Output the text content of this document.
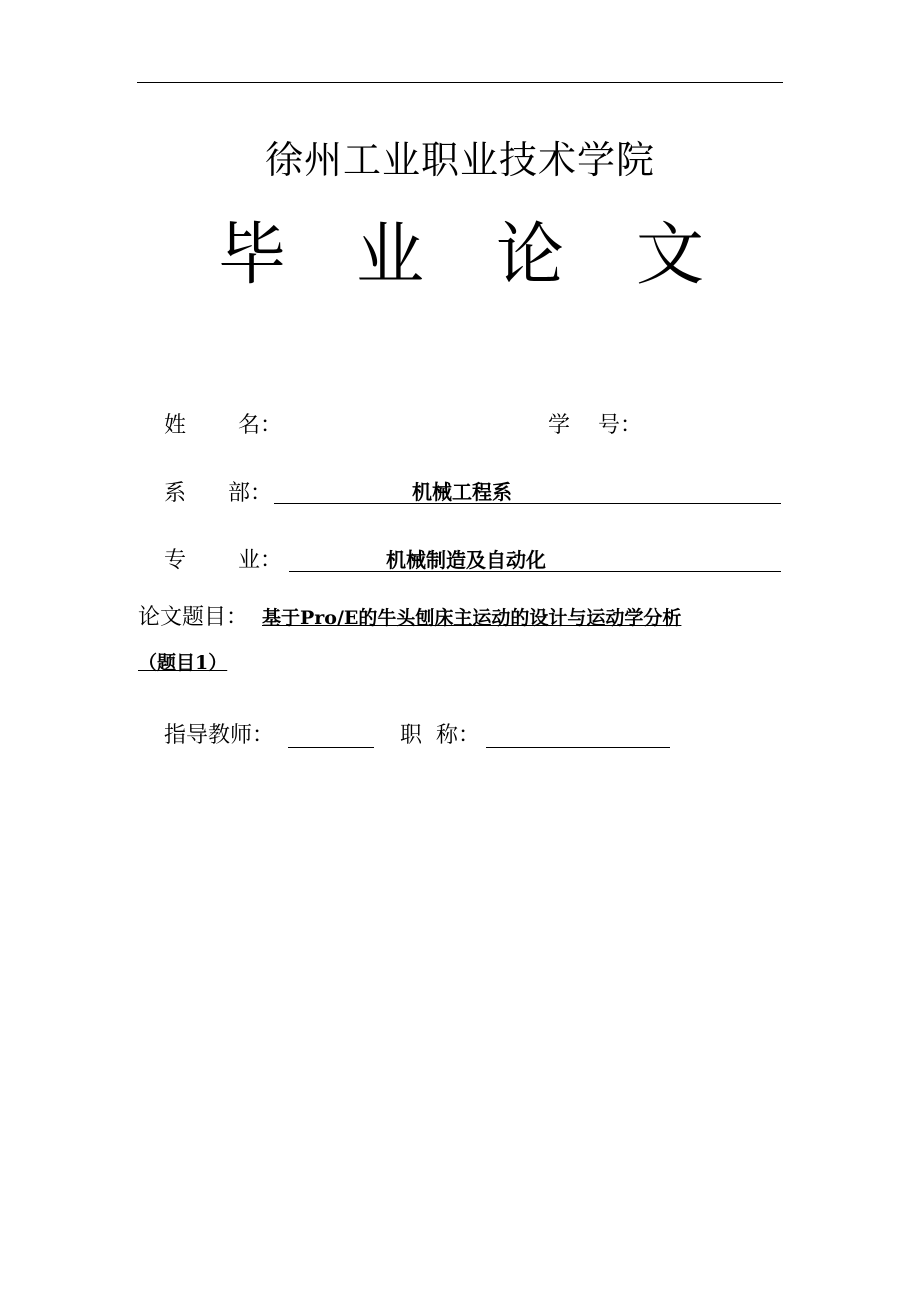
徐州工业职业技术学院
毕 业 论 文
姓 名：	学 号：
系 部：	机械工程系
专 业：	机械制造及自动化
论文题目： 基于Pro/E的牛头刨床主运动的设计与运动学分析
（题目1）
指导教师：	职 称：
